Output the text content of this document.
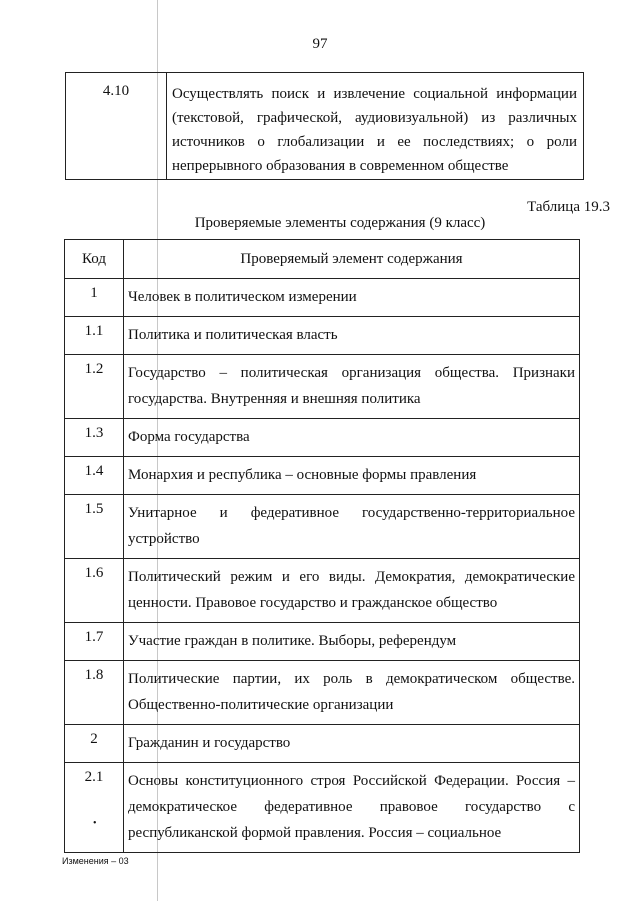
97
4.10	Осуществлять поиск и извлечение социальной информации (текстовой, графической, аудиовизуальной) из различных источников о глобализации и ее последствиях; о роли непрерывного образования в современном обществе
Таблица 19.3
Проверяемые элементы содержания (9 класс)
Код	Проверяемый элемент содержания
1	Человек в политическом измерении
1.1	Политика и политическая власть
1.2	Государство – политическая организация общества. Признаки государства. Внутренняя и внешняя политика
1.3	Форма государства
1.4	Монархия и республика – основные формы правления
1.5	Унитарное и федеративное государственно-территориальное устройство
1.6	Политический режим и его виды. Демократия, демократические ценности. Правовое государство и гражданское общество
1.7	Участие граждан в политике. Выборы, референдум
1.8	Политические партии, их роль в демократическом обществе. Общественно-политические организации
2	Гражданин и государство
2.1	Основы конституционного строя Российской Федерации. Россия – демократическое федеративное правовое государство с республиканской формой правления. Россия – социальное
•
Изменения – 03
